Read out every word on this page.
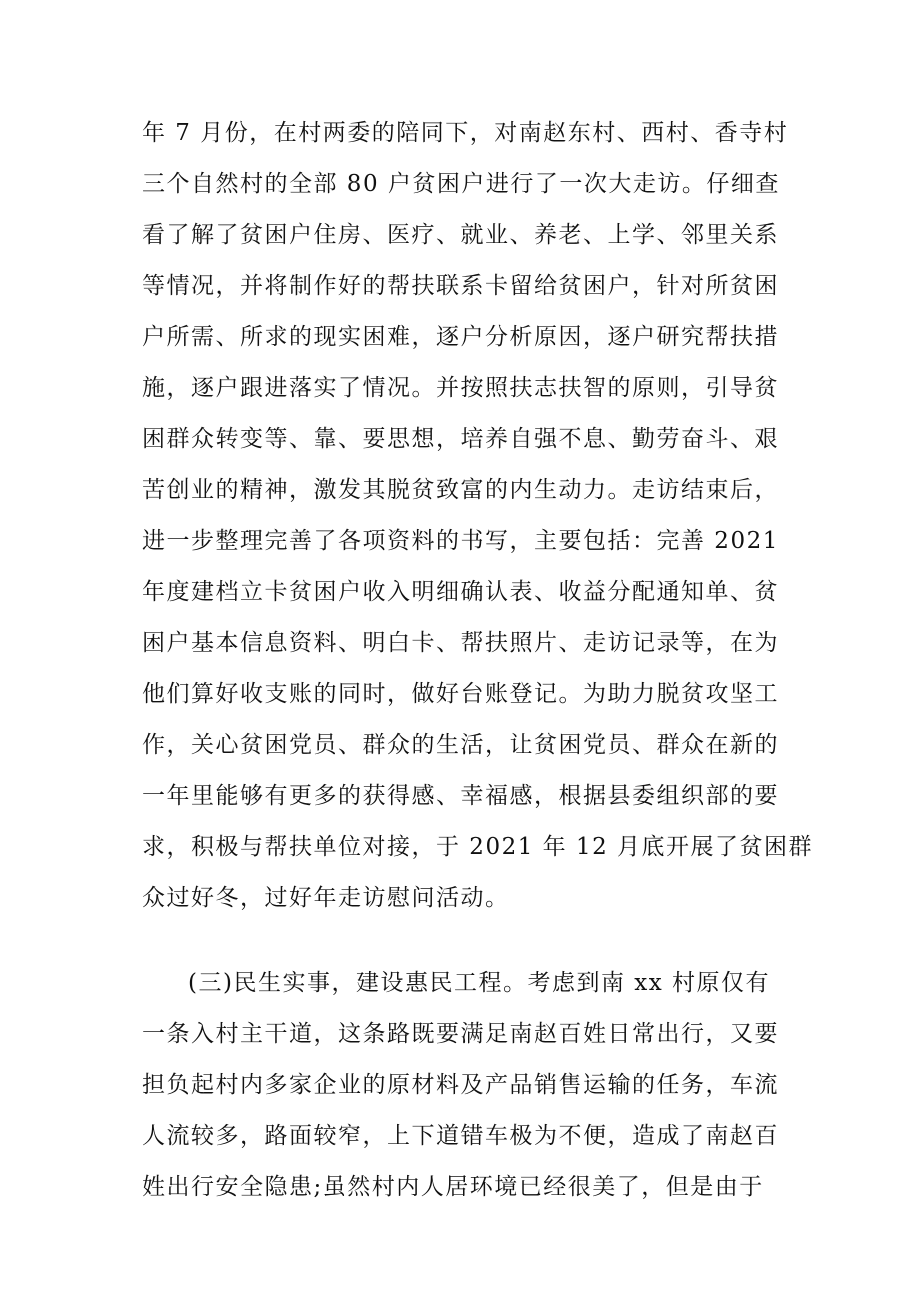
年 7 月份，在村两委的陪同下，对南赵东村、西村、香寺村
三个自然村的全部 80 户贫困户进行了一次大走访。仔细查
看了解了贫困户住房、医疗、就业、养老、上学、邻里关系
等情况，并将制作好的帮扶联系卡留给贫困户，针对所贫困
户所需、所求的现实困难，逐户分析原因，逐户研究帮扶措
施，逐户跟进落实了情况。并按照扶志扶智的原则，引导贫
困群众转变等、靠、要思想，培养自强不息、勤劳奋斗、艰
苦创业的精神，激发其脱贫致富的内生动力。走访结束后，
进一步整理完善了各项资料的书写，主要包括：完善 2021
年度建档立卡贫困户收入明细确认表、收益分配通知单、贫
困户基本信息资料、明白卡、帮扶照片、走访记录等，在为
他们算好收支账的同时，做好台账登记。为助力脱贫攻坚工
作，关心贫困党员、群众的生活，让贫困党员、群众在新的
一年里能够有更多的获得感、幸福感，根据县委组织部的要
求，积极与帮扶单位对接，于 2021 年 12 月底开展了贫困群
众过好冬，过好年走访慰问活动。
(三)民生实事，建设惠民工程。考虑到南 xx 村原仅有
一条入村主干道，这条路既要满足南赵百姓日常出行，又要
担负起村内多家企业的原材料及产品销售运输的任务，车流
人流较多，路面较窄，上下道错车极为不便，造成了南赵百
姓出行安全隐患;虽然村内人居环境已经很美了，但是由于
